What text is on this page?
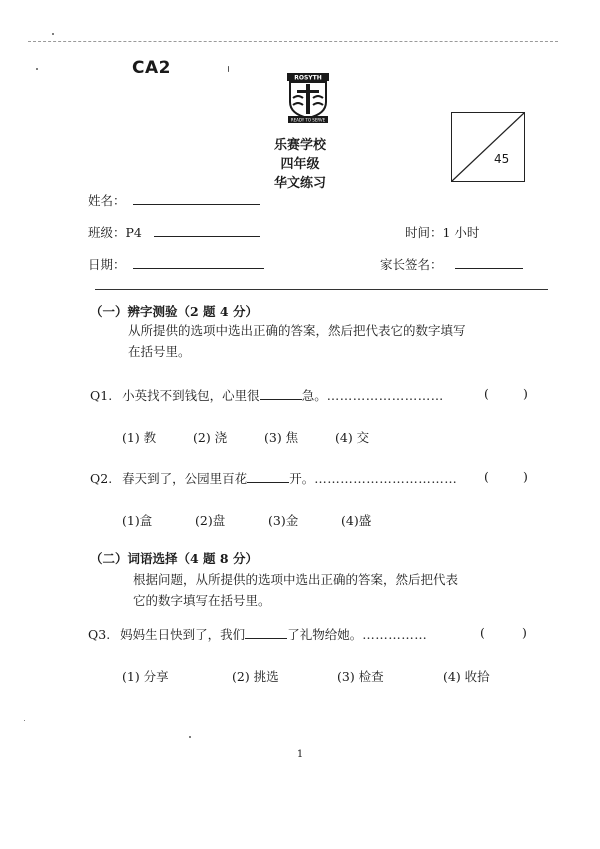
CA2	ROSYTH
READY TO SERVE
乐赛学校
四年级
华文练习
45
姓名：
班级：P4	时间：1 小时
日期：	家长签名：
（一）辨字测验（2 题 4 分）
从所提供的选项中选出正确的答案，然后把代表它的数字填写
在括号里。
Q1. 小英找不到钱包，心里很	急。………………………	(	)
(1) 教	(2) 浇	(3) 焦	(4) 交
Q2. 春天到了，公园里百花	开。…………………………… (	)
(1)盒	(2)盘	(3)金	(4)盛
（二）词语选择（4 题 8 分）
根据问题，从所提供的选项中选出正确的答案，然后把代表
它的数字填写在括号里。
Q3. 妈妈生日快到了，我们	了礼物给她。……………	(	)
(1) 分享	(2) 挑选	(3) 检查	(4) 收拾
1
